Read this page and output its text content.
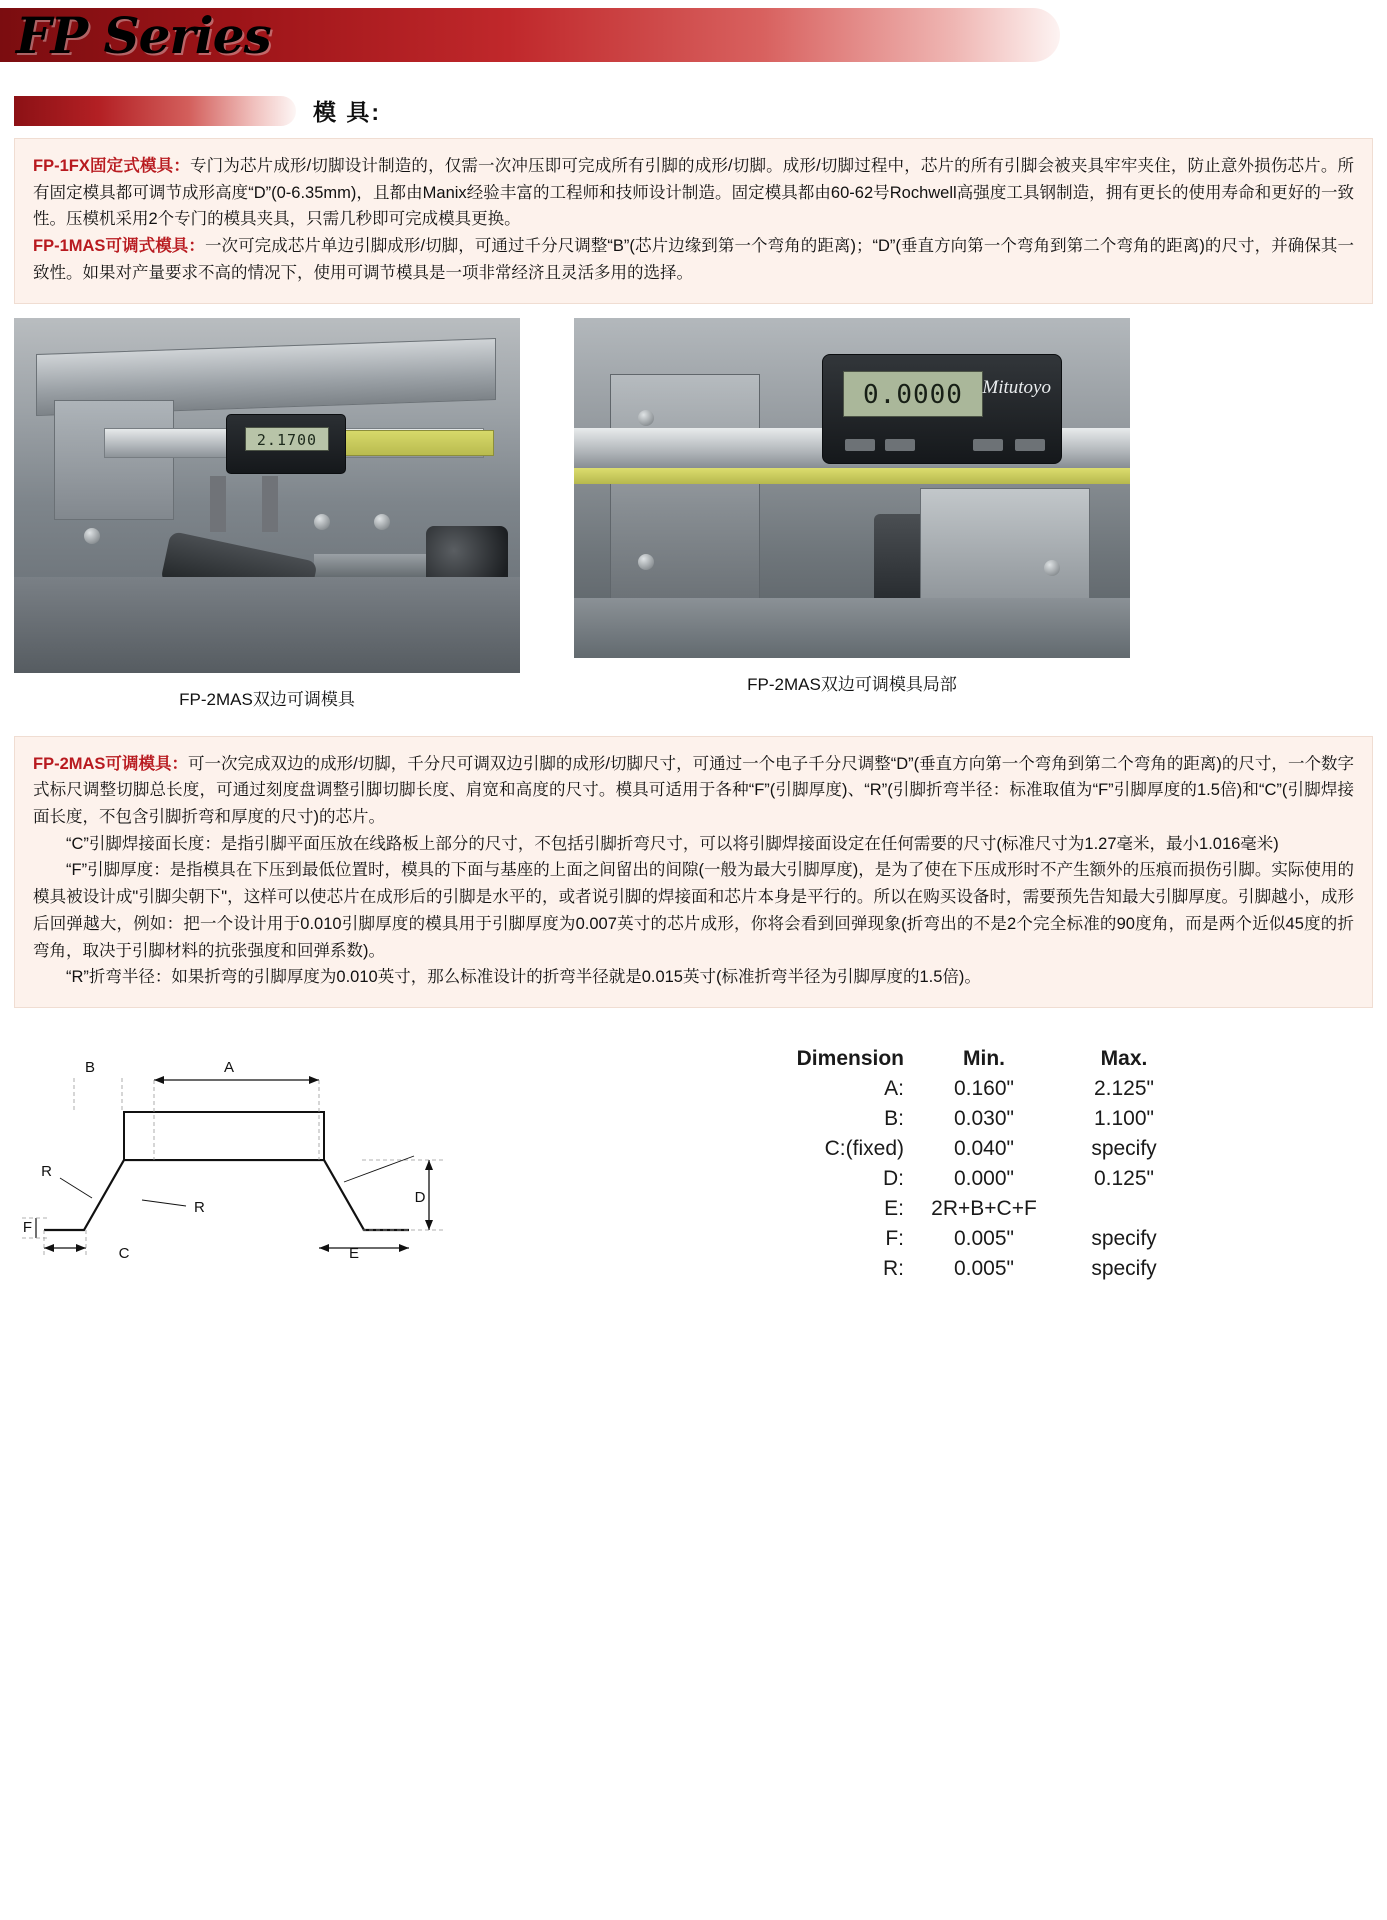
FP Series
模 具:

FP-1FX固定式模具：专门为芯片成形/切脚设计制造的，仅需一次冲压即可完成所有引脚的成形/切脚。成形/切脚过程中，芯片的所有引脚会被夹具牢牢夹住，防止意外损伤芯片。所有固定模具都可调节成形高度“D”(0-6.35mm)，且都由Manix经验丰富的工程师和技师设计制造。固定模具都由60-62号Rochwell高强度工具钢制造，拥有更长的使用寿命和更好的一致性。压模机采用2个专门的模具夹具，只需几秒即可完成模具更换。

FP-1MAS可调式模具：一次可完成芯片单边引脚成形/切脚，可通过千分尺调整“B”(芯片边缘到第一个弯角的距离)；“D”(垂直方向第一个弯角到第二个弯角的距离)的尺寸，并确保其一致性。如果对产量要求不高的情况下，使用可调节模具是一项非常经济且灵活多用的选择。

2.1700
FP-2MAS双边可调模具
0.0000	Mitutoyo
FP-2MAS双边可调模具局部

FP-2MAS可调模具：可一次完成双边的成形/切脚，千分尺可调双边引脚的成形/切脚尺寸，可通过一个电子千分尺调整“D”(垂直方向第一个弯角到第二个弯角的距离)的尺寸，一个数字式标尺调整切脚总长度，可通过刻度盘调整引脚切脚长度、肩宽和高度的尺寸。模具可适用于各种“F”(引脚厚度)、“R”(引脚折弯半径：标准取值为“F”引脚厚度的1.5倍)和“C”(引脚焊接面长度，不包含引脚折弯和厚度的尺寸)的芯片。

“C”引脚焊接面长度：是指引脚平面压放在线路板上部分的尺寸，不包括引脚折弯尺寸，可以将引脚焊接面设定在任何需要的尺寸(标准尺寸为1.27毫米，最小1.016毫米)

“F”引脚厚度：是指模具在下压到最低位置时，模具的下面与基座的上面之间留出的间隙(一般为最大引脚厚度)，是为了使在下压成形时不产生额外的压痕而损伤引脚。实际使用的模具被设计成"引脚尖朝下"，这样可以使芯片在成形后的引脚是水平的，或者说引脚的焊接面和芯片本身是平行的。所以在购买设备时，需要预先告知最大引脚厚度。引脚越小，成形后回弹越大，例如：把一个设计用于0.010引脚厚度的模具用于引脚厚度为0.007英寸的芯片成形，你将会看到回弹现象(折弯出的不是2个完全标准的90度角，而是两个近似45度的折弯角，取决于引脚材料的抗张强度和回弹系数)。

“R”折弯半径：如果折弯的引脚厚度为0.010英寸，那么标准设计的折弯半径就是0.015英寸(标准折弯半径为引脚厚度的1.5倍)。

A
B
C
D
E
F
R
R
Dimension	Min.	Max.
A:	0.160"	2.125"
B:	0.030"	1.100"
C:(fixed)	0.040"	specify
D:	0.000"	0.125"
E:	2R+B+C+F	
F:	0.005"	specify
R:	0.005"	specify
